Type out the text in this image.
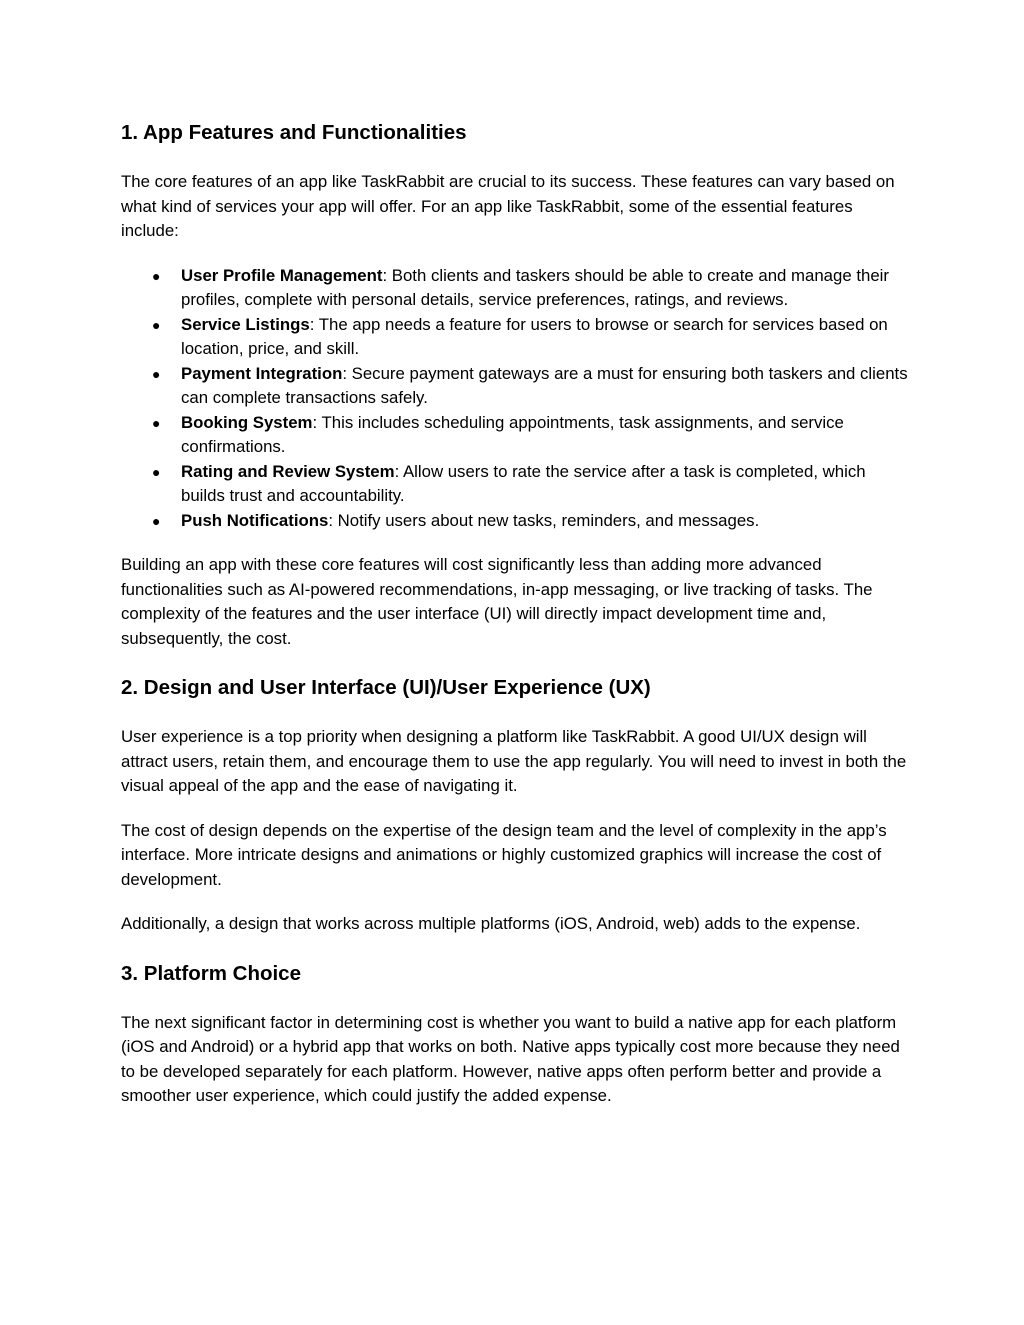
1. App Features and Functionalities

The core features of an app like TaskRabbit are crucial to its success. These features can vary based on what kind of services your app will offer. For an app like TaskRabbit, some of the essential features include:

● User Profile Management: Both clients and taskers should be able to create and manage their profiles, complete with personal details, service preferences, ratings, and reviews.
● Service Listings: The app needs a feature for users to browse or search for services based on location, price, and skill.
● Payment Integration: Secure payment gateways are a must for ensuring both taskers and clients can complete transactions safely.
● Booking System: This includes scheduling appointments, task assignments, and service confirmations.
● Rating and Review System: Allow users to rate the service after a task is completed, which builds trust and accountability.
● Push Notifications: Notify users about new tasks, reminders, and messages.

Building an app with these core features will cost significantly less than adding more advanced functionalities such as AI-powered recommendations, in-app messaging, or live tracking of tasks. The complexity of the features and the user interface (UI) will directly impact development time and, subsequently, the cost.

2. Design and User Interface (UI)/User Experience (UX)

User experience is a top priority when designing a platform like TaskRabbit. A good UI/UX design will attract users, retain them, and encourage them to use the app regularly. You will need to invest in both the visual appeal of the app and the ease of navigating it.

The cost of design depends on the expertise of the design team and the level of complexity in the app’s interface. More intricate designs and animations or highly customized graphics will increase the cost of development.

Additionally, a design that works across multiple platforms (iOS, Android, web) adds to the expense.

3. Platform Choice

The next significant factor in determining cost is whether you want to build a native app for each platform (iOS and Android) or a hybrid app that works on both. Native apps typically cost more because they need to be developed separately for each platform. However, native apps often perform better and provide a smoother user experience, which could justify the added expense.
